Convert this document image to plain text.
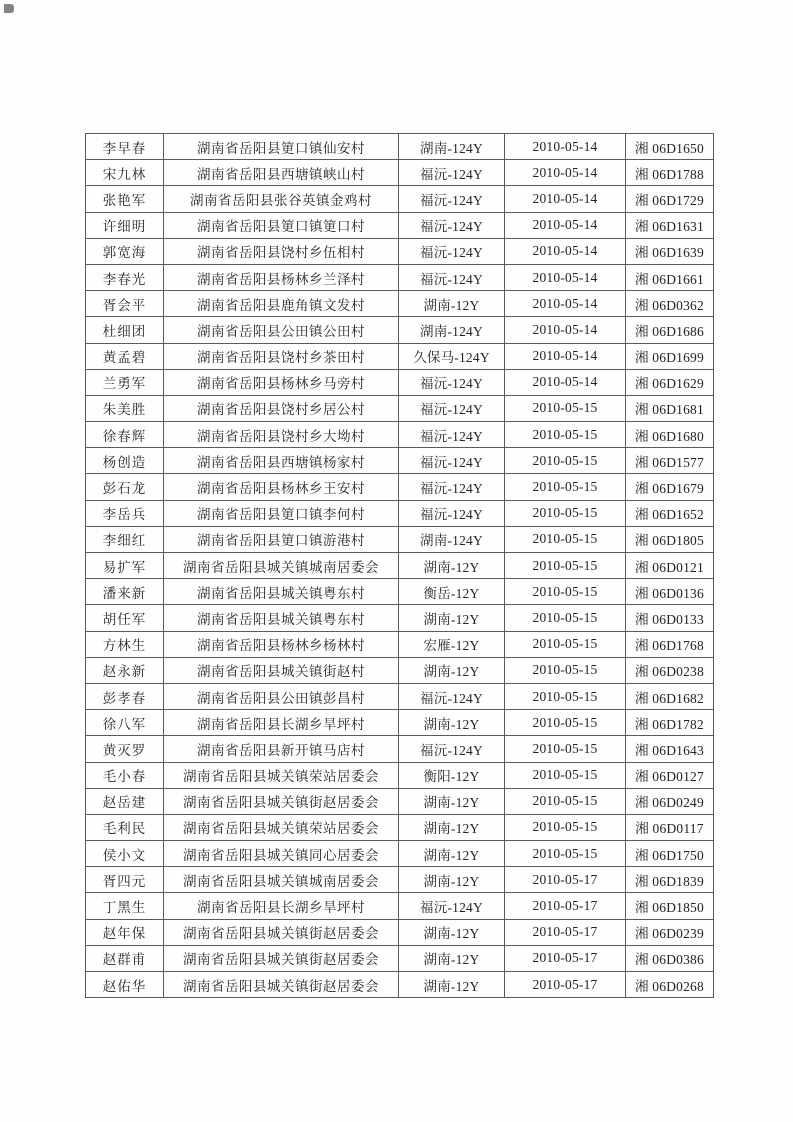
李早春	湖南省岳阳县筻口镇仙安村	湖南-124Y	2010-05-14	湘 06D1650
宋九林	湖南省岳阳县西塘镇峡山村	福沅-124Y	2010-05-14	湘 06D1788
张艳军	湖南省岳阳县张谷英镇金鸡村	福沅-124Y	2010-05-14	湘 06D1729
许细明	湖南省岳阳县筻口镇筻口村	福沅-124Y	2010-05-14	湘 06D1631
郭宽海	湖南省岳阳县饶村乡伍相村	福沅-124Y	2010-05-14	湘 06D1639
李春光	湖南省岳阳县杨林乡兰泽村	福沅-124Y	2010-05-14	湘 06D1661
胥会平	湖南省岳阳县鹿角镇文发村	湖南-12Y	2010-05-14	湘 06D0362
杜细团	湖南省岳阳县公田镇公田村	湖南-124Y	2010-05-14	湘 06D1686
黄孟碧	湖南省岳阳县饶村乡茶田村	久保马-124Y	2010-05-14	湘 06D1699
兰勇军	湖南省岳阳县杨林乡马旁村	福沅-124Y	2010-05-14	湘 06D1629
朱美胜	湖南省岳阳县饶村乡居公村	福沅-124Y	2010-05-15	湘 06D1681
徐春辉	湖南省岳阳县饶村乡大坳村	福沅-124Y	2010-05-15	湘 06D1680
杨创造	湖南省岳阳县西塘镇杨家村	福沅-124Y	2010-05-15	湘 06D1577
彭石龙	湖南省岳阳县杨林乡王安村	福沅-124Y	2010-05-15	湘 06D1679
李岳兵	湖南省岳阳县筻口镇李何村	福沅-124Y	2010-05-15	湘 06D1652
李细红	湖南省岳阳县筻口镇游港村	湖南-124Y	2010-05-15	湘 06D1805
易扩军	湖南省岳阳县城关镇城南居委会	湖南-12Y	2010-05-15	湘 06D0121
潘来新	湖南省岳阳县城关镇粤东村	衡岳-12Y	2010-05-15	湘 06D0136
胡任军	湖南省岳阳县城关镇粤东村	湖南-12Y	2010-05-15	湘 06D0133
方林生	湖南省岳阳县杨林乡杨林村	宏雁-12Y	2010-05-15	湘 06D1768
赵永新	湖南省岳阳县城关镇街赵村	湖南-12Y	2010-05-15	湘 06D0238
彭孝春	湖南省岳阳县公田镇彭昌村	福沅-124Y	2010-05-15	湘 06D1682
徐八军	湖南省岳阳县长湖乡旱坪村	湖南-12Y	2010-05-15	湘 06D1782
黄灭罗	湖南省岳阳县新开镇马店村	福沅-124Y	2010-05-15	湘 06D1643
毛小春	湖南省岳阳县城关镇荣站居委会	衡阳-12Y	2010-05-15	湘 06D0127
赵岳建	湖南省岳阳县城关镇街赵居委会	湖南-12Y	2010-05-15	湘 06D0249
毛利民	湖南省岳阳县城关镇荣站居委会	湖南-12Y	2010-05-15	湘 06D0117
侯小文	湖南省岳阳县城关镇同心居委会	湖南-12Y	2010-05-15	湘 06D1750
胥四元	湖南省岳阳县城关镇城南居委会	湖南-12Y	2010-05-17	湘 06D1839
丁黑生	湖南省岳阳县长湖乡旱坪村	福沅-124Y	2010-05-17	湘 06D1850
赵年保	湖南省岳阳县城关镇街赵居委会	湖南-12Y	2010-05-17	湘 06D0239
赵群甫	湖南省岳阳县城关镇街赵居委会	湖南-12Y	2010-05-17	湘 06D0386
赵佑华	湖南省岳阳县城关镇街赵居委会	湖南-12Y	2010-05-17	湘 06D0268
